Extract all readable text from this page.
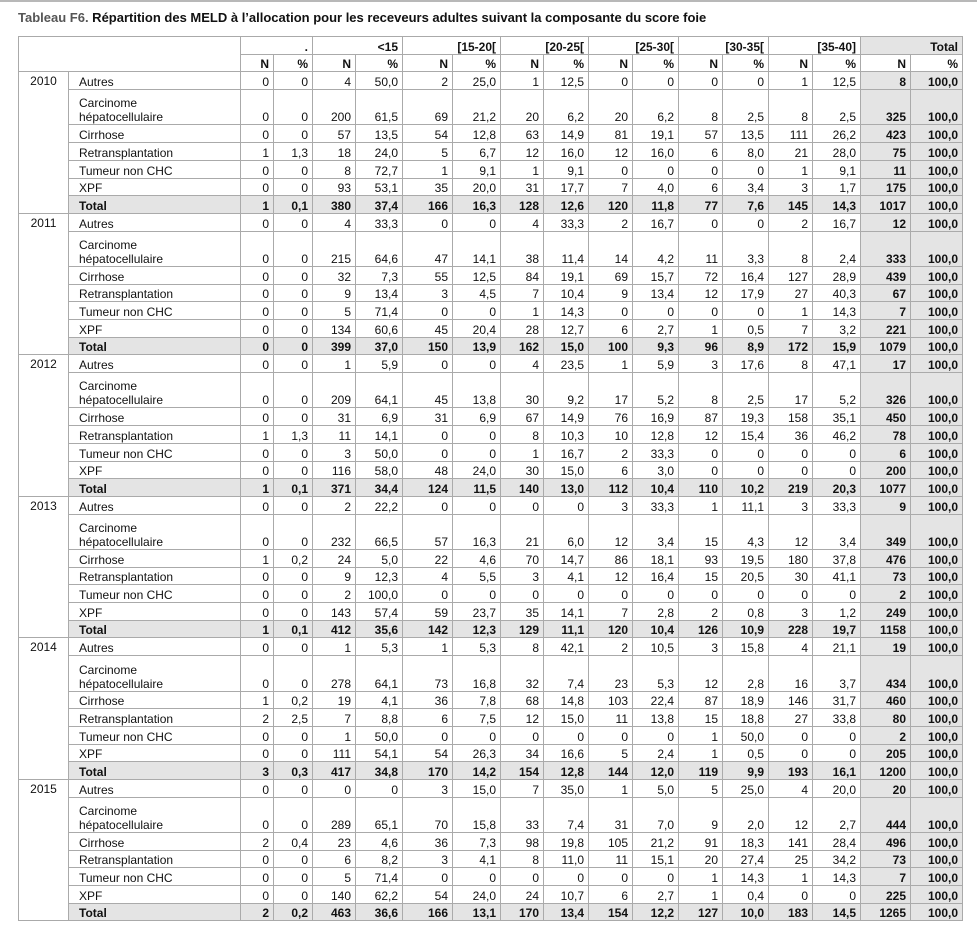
Tableau F6. Répartition des MELD à l’allocation pour les receveurs adultes suivant la composante du score foie
		.		<15		[15-20[		[20-25[		[25-30[		[30-35[		[35-40]		Total	
		N	%	N	%	N	%	N	%	N	%	N	%	N	%	N	%
2010	Autres	0	0	4	50,0	2	25,0	1	12,5	0	0	0	0	1	12,5	8	100,0
	Carcinome hépatocellulaire	0	0	200	61,5	69	21,2	20	6,2	20	6,2	8	2,5	8	2,5	325	100,0
	Cirrhose	0	0	57	13,5	54	12,8	63	14,9	81	19,1	57	13,5	111	26,2	423	100,0
	Retransplantation	1	1,3	18	24,0	5	6,7	12	16,0	12	16,0	6	8,0	21	28,0	75	100,0
	Tumeur non CHC	0	0	8	72,7	1	9,1	1	9,1	0	0	0	0	1	9,1	11	100,0
	XPF	0	0	93	53,1	35	20,0	31	17,7	7	4,0	6	3,4	3	1,7	175	100,0
	Total	1	0,1	380	37,4	166	16,3	128	12,6	120	11,8	77	7,6	145	14,3	1017	100,0
2011	Autres	0	0	4	33,3	0	0	4	33,3	2	16,7	0	0	2	16,7	12	100,0
	Carcinome hépatocellulaire	0	0	215	64,6	47	14,1	38	11,4	14	4,2	11	3,3	8	2,4	333	100,0
	Cirrhose	0	0	32	7,3	55	12,5	84	19,1	69	15,7	72	16,4	127	28,9	439	100,0
	Retransplantation	0	0	9	13,4	3	4,5	7	10,4	9	13,4	12	17,9	27	40,3	67	100,0
	Tumeur non CHC	0	0	5	71,4	0	0	1	14,3	0	0	0	0	1	14,3	7	100,0
	XPF	0	0	134	60,6	45	20,4	28	12,7	6	2,7	1	0,5	7	3,2	221	100,0
	Total	0	0	399	37,0	150	13,9	162	15,0	100	9,3	96	8,9	172	15,9	1079	100,0
2012	Autres	0	0	1	5,9	0	0	4	23,5	1	5,9	3	17,6	8	47,1	17	100,0
	Carcinome hépatocellulaire	0	0	209	64,1	45	13,8	30	9,2	17	5,2	8	2,5	17	5,2	326	100,0
	Cirrhose	0	0	31	6,9	31	6,9	67	14,9	76	16,9	87	19,3	158	35,1	450	100,0
	Retransplantation	1	1,3	11	14,1	0	0	8	10,3	10	12,8	12	15,4	36	46,2	78	100,0
	Tumeur non CHC	0	0	3	50,0	0	0	1	16,7	2	33,3	0	0	0	0	6	100,0
	XPF	0	0	116	58,0	48	24,0	30	15,0	6	3,0	0	0	0	0	200	100,0
	Total	1	0,1	371	34,4	124	11,5	140	13,0	112	10,4	110	10,2	219	20,3	1077	100,0
2013	Autres	0	0	2	22,2	0	0	0	0	3	33,3	1	11,1	3	33,3	9	100,0
	Carcinome hépatocellulaire	0	0	232	66,5	57	16,3	21	6,0	12	3,4	15	4,3	12	3,4	349	100,0
	Cirrhose	1	0,2	24	5,0	22	4,6	70	14,7	86	18,1	93	19,5	180	37,8	476	100,0
	Retransplantation	0	0	9	12,3	4	5,5	3	4,1	12	16,4	15	20,5	30	41,1	73	100,0
	Tumeur non CHC	0	0	2	100,0	0	0	0	0	0	0	0	0	0	0	2	100,0
	XPF	0	0	143	57,4	59	23,7	35	14,1	7	2,8	2	0,8	3	1,2	249	100,0
	Total	1	0,1	412	35,6	142	12,3	129	11,1	120	10,4	126	10,9	228	19,7	1158	100,0
2014	Autres	0	0	1	5,3	1	5,3	8	42,1	2	10,5	3	15,8	4	21,1	19	100,0
	Carcinome hépatocellulaire	0	0	278	64,1	73	16,8	32	7,4	23	5,3	12	2,8	16	3,7	434	100,0
	Cirrhose	1	0,2	19	4,1	36	7,8	68	14,8	103	22,4	87	18,9	146	31,7	460	100,0
	Retransplantation	2	2,5	7	8,8	6	7,5	12	15,0	11	13,8	15	18,8	27	33,8	80	100,0
	Tumeur non CHC	0	0	1	50,0	0	0	0	0	0	0	1	50,0	0	0	2	100,0
	XPF	0	0	111	54,1	54	26,3	34	16,6	5	2,4	1	0,5	0	0	205	100,0
	Total	3	0,3	417	34,8	170	14,2	154	12,8	144	12,0	119	9,9	193	16,1	1200	100,0
2015	Autres	0	0	0	0	3	15,0	7	35,0	1	5,0	5	25,0	4	20,0	20	100,0
	Carcinome hépatocellulaire	0	0	289	65,1	70	15,8	33	7,4	31	7,0	9	2,0	12	2,7	444	100,0
	Cirrhose	2	0,4	23	4,6	36	7,3	98	19,8	105	21,2	91	18,3	141	28,4	496	100,0
	Retransplantation	0	0	6	8,2	3	4,1	8	11,0	11	15,1	20	27,4	25	34,2	73	100,0
	Tumeur non CHC	0	0	5	71,4	0	0	0	0	0	0	1	14,3	1	14,3	7	100,0
	XPF	0	0	140	62,2	54	24,0	24	10,7	6	2,7	1	0,4	0	0	225	100,0
	Total	2	0,2	463	36,6	166	13,1	170	13,4	154	12,2	127	10,0	183	14,5	1265	100,0
